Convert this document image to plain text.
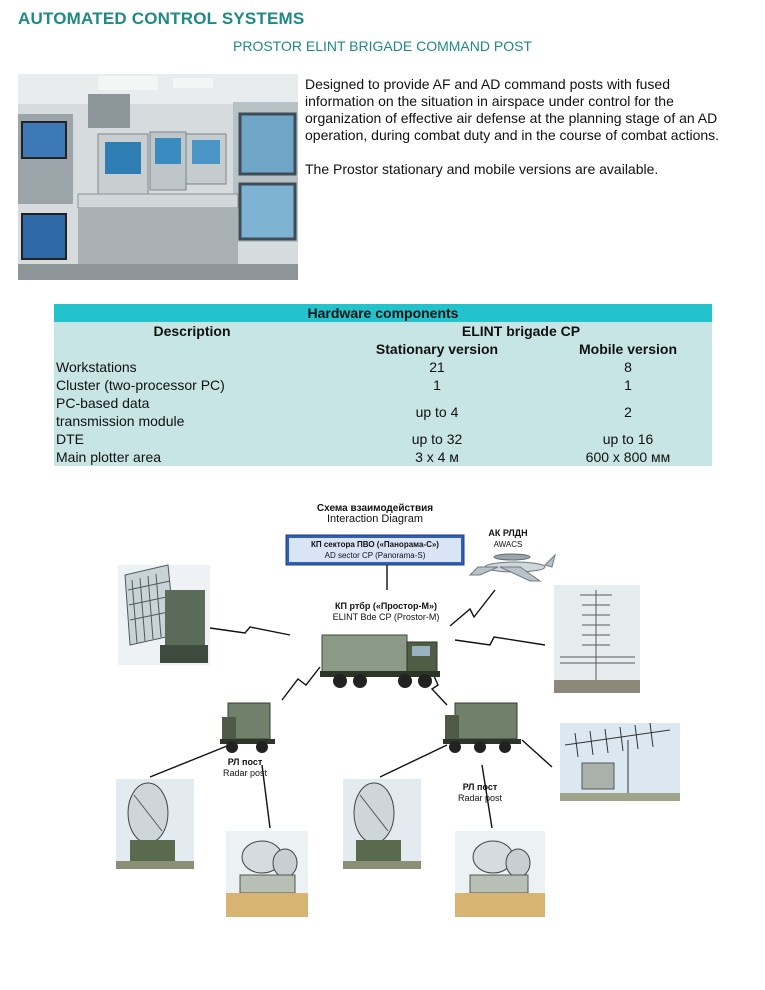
AUTOMATED CONTROL SYSTEMS
PROSTOR ELINT BRIGADE COMMAND POST

Designed to provide AF and AD command posts with fused information on the situation in airspace under control for the organization of effective air defense at the planning stage of an AD operation, during combat duty and in the course of combat actions.

The Prostor stationary and mobile versions are available.

Hardware components		
Description	ELINT brigade CP	
	Stationary version	Mobile version
Workstations	21	8
Cluster (two-processor PC)	1	1

PC-based data transmission module	up to 4	2
DTE	up to 32	up to 16
Main plotter area	3 x 4 м	600 x 800 мм
Схема взаимодействия
Interaction Diagram
КП сектора ПВО («Панорама-С»)
AD sector CP (Panorama-S)
АК РЛДН
AWACS
КП ртбр («Простор-М»)
ELINT Bde CP (Prostor-M)
РЛ пост
Radar post
РЛ пост
Radar post
